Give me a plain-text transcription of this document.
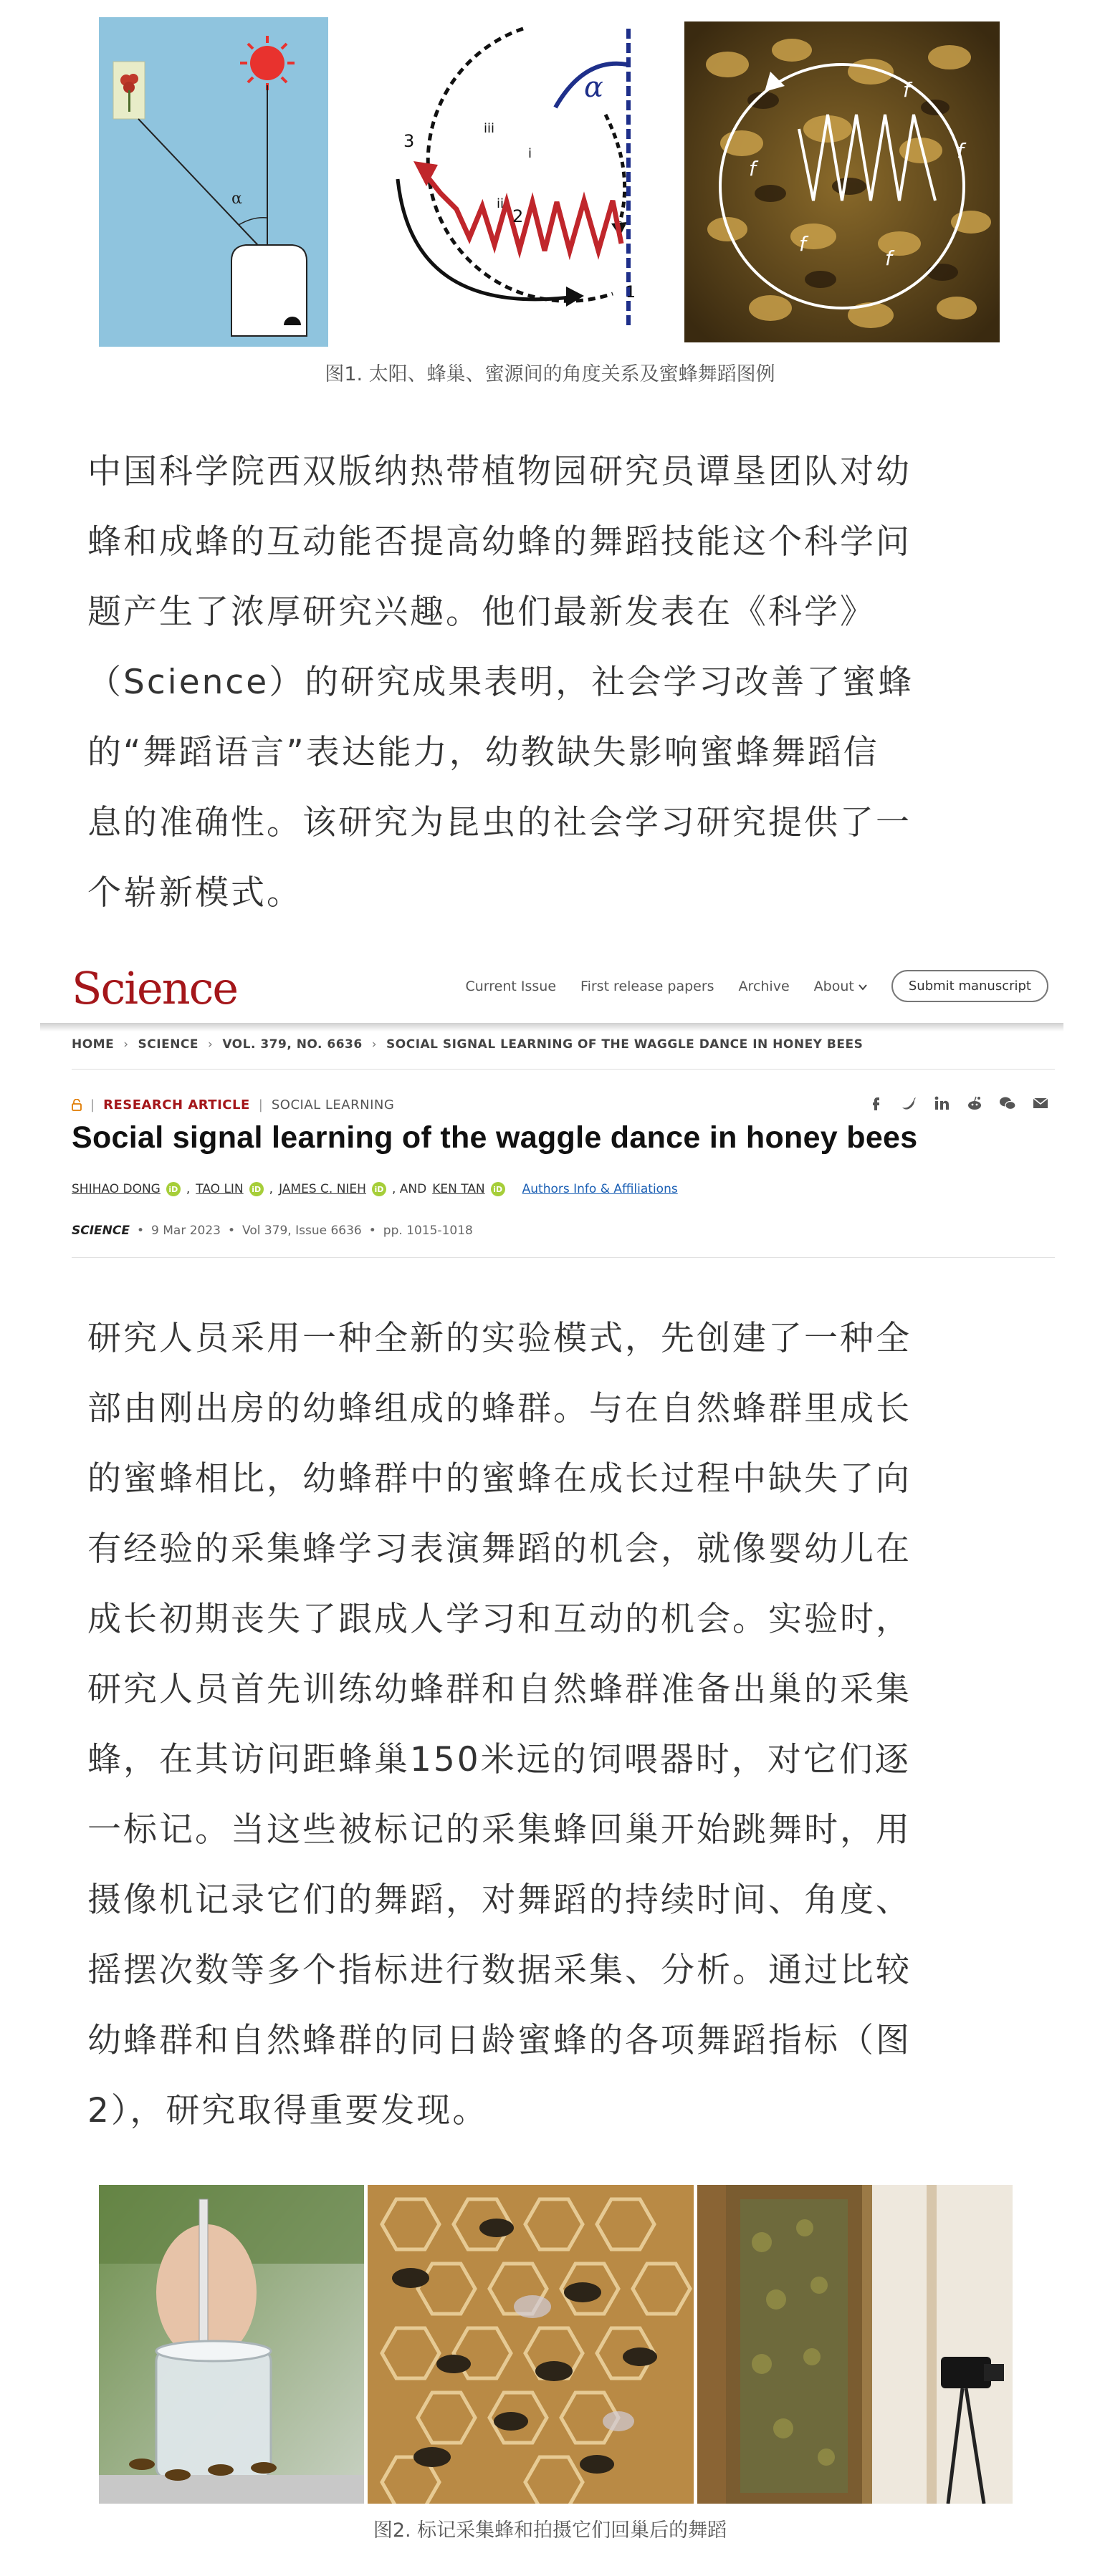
α
α
1
2
3
i
ii
iii
f
f
f
f
f
图1. 太阳、蜂巢、蜜源间的角度关系及蜜蜂舞蹈图例
中国科学院西双版纳热带植物园研究员谭垦团队对幼
蜂和成蜂的互动能否提高幼蜂的舞蹈技能这个科学问
题产生了浓厚研究兴趣。他们最新发表在《科学》
（Science）的研究成果表明，社会学习改善了蜜蜂
的“舞蹈语言”表达能力，幼教缺失影响蜜蜂舞蹈信
息的准确性。该研究为昆虫的社会学习研究提供了一
个崭新模式。
Science	Current Issue First release papers Archive About	Submit manuscript
HOME › SCIENCE › VOL. 379, NO. 6636 › SOCIAL SIGNAL LEARNING OF THE WAGGLE DANCE IN HONEY BEES
| RESEARCH ARTICLE | SOCIAL LEARNING
Social signal learning of the waggle dance in honey bees
SHIHAO DONG	iD , TAO LIN	iD , JAMES C. NIEH	iD , AND KEN TAN	iD Authors Info & Affiliations
SCIENCE • 9 Mar 2023 • Vol 379, Issue 6636 • pp. 1015-1018
研究人员采用一种全新的实验模式，先创建了一种全
部由刚出房的幼蜂组成的蜂群。与在自然蜂群里成长
的蜜蜂相比，幼蜂群中的蜜蜂在成长过程中缺失了向
有经验的采集蜂学习表演舞蹈的机会，就像婴幼儿在
成长初期丧失了跟成人学习和互动的机会。实验时，
研究人员首先训练幼蜂群和自然蜂群准备出巢的采集
蜂，在其访问距蜂巢150米远的饲喂器时，对它们逐
一标记。当这些被标记的采集蜂回巢开始跳舞时，用
摄像机记录它们的舞蹈，对舞蹈的持续时间、角度、
摇摆次数等多个指标进行数据采集、分析。通过比较
幼蜂群和自然蜂群的同日龄蜜蜂的各项舞蹈指标（图
2），研究取得重要发现。
图2. 标记采集蜂和拍摄它们回巢后的舞蹈
